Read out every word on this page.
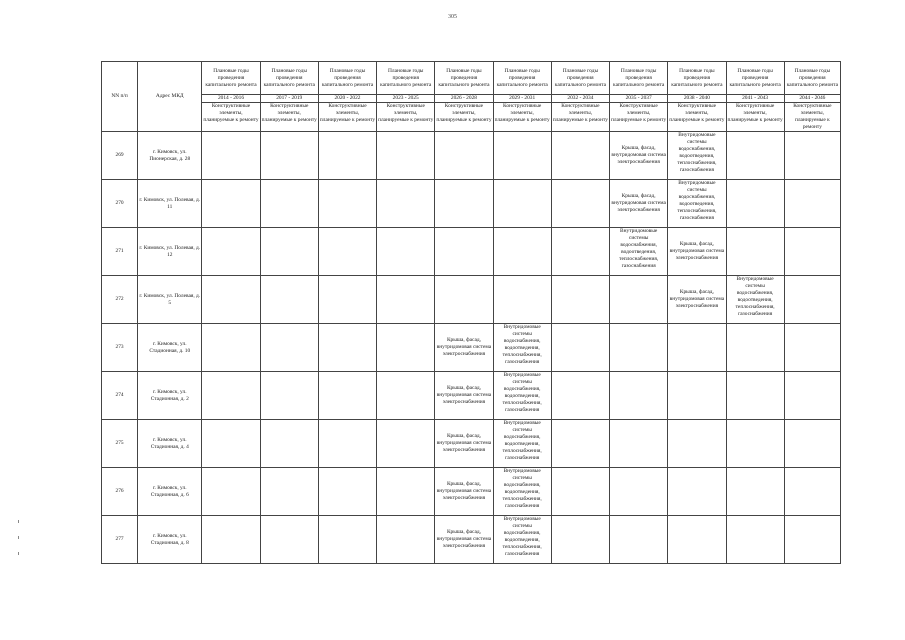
305
NN п/п	Адрес МКД	Плановые годы проведения капитального ремонта	Плановые годы проведения капитального ремонта	Плановые годы проведения капитального ремонта	Плановые годы проведения капитального ремонта	Плановые годы проведения капитального ремонта	Плановые годы проведения капитального ремонта	Плановые годы проведения капитального ремонта	Плановые годы проведения капитального ремонта	Плановые годы проведения капитального ремонта	Плановые годы проведения капитального ремонта	Плановые годы проведения капитального ремонта
		2014 - 2016	2017 - 2019	2020 - 2022	2023 - 2025	2026 - 2028	2029 - 2031	2032 - 2034	2035 - 2037	2038 - 2040	2041 - 2043	2044 - 2046
		Конструктивные элементы, планируемые к ремонту	Конструктивные элементы, планируемые к ремонту	Конструктивные элементы, планируемые к ремонту	Конструктивные элементы, планируемые к ремонту	Конструктивные элементы, планируемые к ремонту	Конструктивные элементы, планируемые к ремонту	Конструктивные элементы, планируемые к ремонту	Конструктивные элементы, планируемые к ремонту	Конструктивные элементы, планируемые к ремонту	Конструктивные элементы, планируемые к ремонту	Конструктивные элементы, планируемые к ремонту
269	г. Кимовск, ул. Пионерская, д. 28								Крыша, фасад, внутридомовая система электроснабжения	Внутридомовые системы водоснабжения, водоотведения, теплоснабжения, газоснабжения		
270	г. Кимовск, ул. Полевая, д. 11								Крыша, фасад, внутридомовая система электроснабжения	Внутридомовые системы водоснабжения, водоотведения, теплоснабжения, газоснабжения		
271	г. Кимовск, ул. Полевая, д. 12								Внутридомовые системы водоснабжения, водоотведения, теплоснабжения, газоснабжения	Крыша, фасад, внутридомовая система электроснабжения		
272	г. Кимовск, ул. Полевая, д. 5									Крыша, фасад, внутридомовая система электроснабжения	Внутридомовые системы водоснабжения, водоотведения, теплоснабжения, газоснабжения	
273	г. Кимовск, ул. Стадионная, д. 10					Крыша, фасад, внутридомовая система электроснабжения	Внутридомовые системы водоснабжения, водоотведения, теплоснабжения, газоснабжения					
274	г. Кимовск, ул. Стадионная, д. 2					Крыша, фасад, внутридомовая система электроснабжения	Внутридомовые системы водоснабжения, водоотведения, теплоснабжения, газоснабжения					
275	г. Кимовск, ул. Стадионная, д. 4					Крыша, фасад, внутридомовая система электроснабжения	Внутридомовые системы водоснабжения, водоотведения, теплоснабжения, газоснабжения					
276	г. Кимовск, ул. Стадионная, д. 6					Крыша, фасад, внутридомовая система электроснабжения	Внутридомовые системы водоснабжения, водоотведения, теплоснабжения, газоснабжения					
277	г. Кимовск, ул. Стадионная, д. 8					Крыша, фасад, внутридомовая система электроснабжения	Внутридомовые системы водоснабжения, водоотведения, теплоснабжения, газоснабжения					
